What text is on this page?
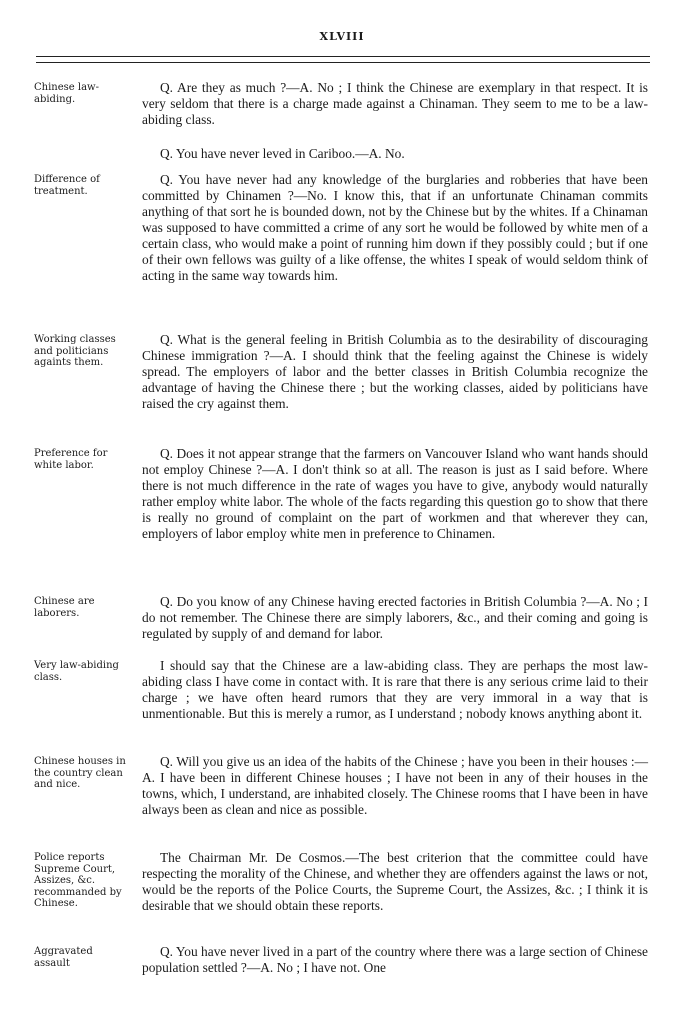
XLVIII
Chinese law-
abiding.
Q. Are they as much ?—A. No ; I think the Chinese are exemplary in that respect. It is very seldom that there is a charge made against a Chinaman. They seem to me to be a law-abiding class.
Q. You have never leved in Cariboo.—A. No.
Difference of
treatment.
Q. You have never had any knowledge of the burglaries and robberies that have been committed by Chinamen ?—No. I know this, that if an unfortunate Chinaman commits anything of that sort he is bounded down, not by the Chinese but by the whites. If a Chinaman was supposed to have committed a crime of any sort he would be followed by white men of a certain class, who would make a point of running him down if they possibly could ; but if one of their own fellows was guilty of a like offense, the whites I speak of would seldom think of acting in the same way towards him.
Working classes
and politicians
againts them.
Q. What is the general feeling in British Columbia as to the desirability of discouraging Chinese immigration ?—A. I should think that the feeling against the Chinese is widely spread. The employers of labor and the better classes in British Columbia recognize the advantage of having the Chinese there ; but the working classes, aided by politicians have raised the cry against them.
Preference for
white labor.
Q. Does it not appear strange that the farmers on Vancouver Island who want hands should not employ Chinese ?—A. I don't think so at all. The reason is just as I said before. Where there is not much difference in the rate of wages you have to give, anybody would naturally rather employ white labor. The whole of the facts regarding this question go to show that there is really no ground of complaint on the part of workmen and that wherever they can, employers of labor employ white men in preference to Chinamen.
Chinese are
laborers.
Q. Do you know of any Chinese having erected factories in British Columbia ?—A. No ; I do not remember. The Chinese there are simply laborers, &c., and their coming and going is regulated by supply of and demand for labor.
Very law-abiding
class.
I should say that the Chinese are a law-abiding class. They are perhaps the most law-abiding class I have come in contact with. It is rare that there is any serious crime laid to their charge ; we have often heard rumors that they are very immoral in a way that is unmentionable. But this is merely a rumor, as I understand ; nobody knows anything abont it.
Chinese houses in
the country clean
and nice.
Q. Will you give us an idea of the habits of the Chinese ; have you been in their houses :—A. I have been in different Chinese houses ; I have not been in any of their houses in the towns, which, I understand, are inhabited closely. The Chinese rooms that I have been in have always been as clean and nice as possible.
Police reports
Supreme Court,
Assizes, &c.
recommanded by
Chinese.
The Chairman Mr. De Cosmos.—The best criterion that the committee could have respecting the morality of the Chinese, and whether they are offenders against the laws or not, would be the reports of the Police Courts, the Supreme Court, the Assizes, &c. ; I think it is desirable that we should obtain these reports.
Aggravated
assault
Q. You have never lived in a part of the country where there was a large section of Chinese population settled ?—A. No ; I have not. One
